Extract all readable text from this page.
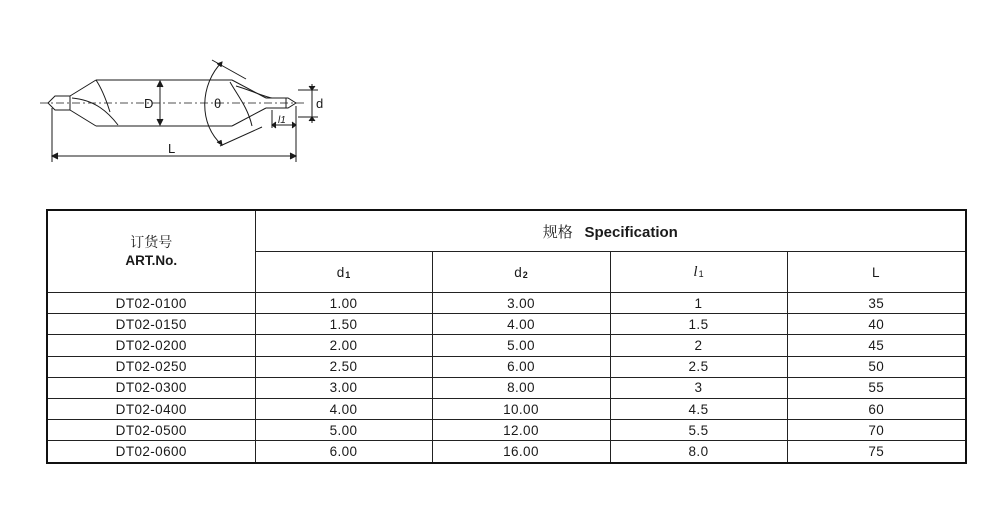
D	θ	d
l1
L
订货号
ART.No.	规格 Specification			
	d1	d2	l1	L
DT02-0100	1.00	3.00	1	35
DT02-0150	1.50	4.00	1.5	40
DT02-0200	2.00	5.00	2	45
DT02-0250	2.50	6.00	2.5	50
DT02-0300	3.00	8.00	3	55
DT02-0400	4.00	10.00	4.5	60
DT02-0500	5.00	12.00	5.5	70
DT02-0600	6.00	16.00	8.0	75
